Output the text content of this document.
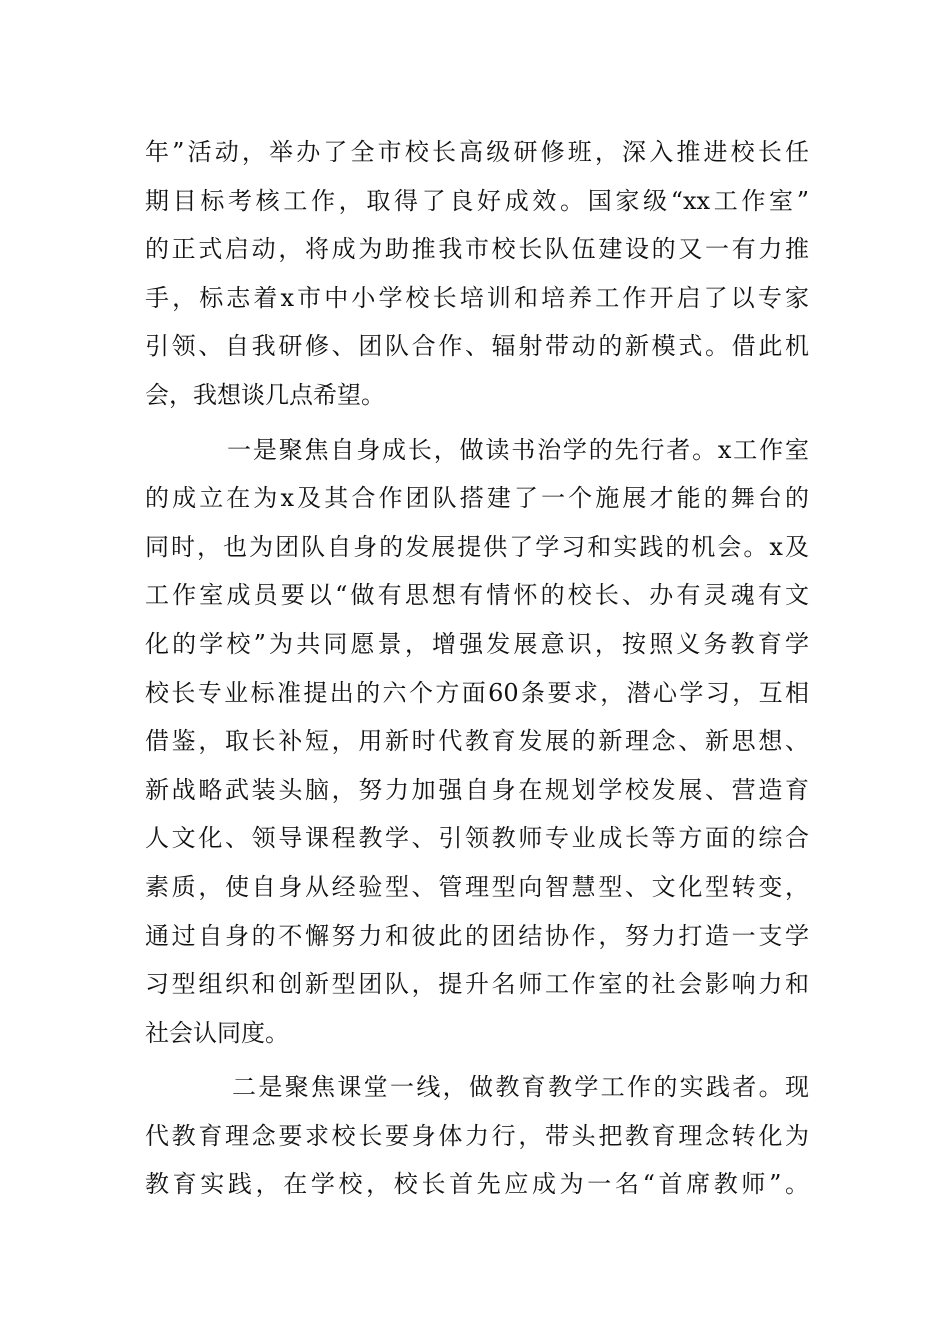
年”活动，举办了全市校长高级研修班，深入推进校长任
期目标考核工作，取得了良好成效。国家级“xx工作室”
的正式启动，将成为助推我市校长队伍建设的又一有力推
手，标志着x市中小学校长培训和培养工作开启了以专家
引领、自我研修、团队合作、辐射带动的新模式。借此机
会，我想谈几点希望。
一是聚焦自身成长，做读书治学的先行者。x工作室
的成立在为x及其合作团队搭建了一个施展才能的舞台的
同时，也为团队自身的发展提供了学习和实践的机会。x及
工作室成员要以“做有思想有情怀的校长、办有灵魂有文
化的学校”为共同愿景，增强发展意识，按照义务教育学
校长专业标准提出的六个方面60条要求，潜心学习，互相
借鉴，取长补短，用新时代教育发展的新理念、新思想、
新战略武装头脑，努力加强自身在规划学校发展、营造育
人文化、领导课程教学、引领教师专业成长等方面的综合
素质，使自身从经验型、管理型向智慧型、文化型转变，
通过自身的不懈努力和彼此的团结协作，努力打造一支学
习型组织和创新型团队，提升名师工作室的社会影响力和
社会认同度。
二是聚焦课堂一线，做教育教学工作的实践者。现
代教育理念要求校长要身体力行，带头把教育理念转化为
教育实践，在学校，校长首先应成为一名“首席教师”。
